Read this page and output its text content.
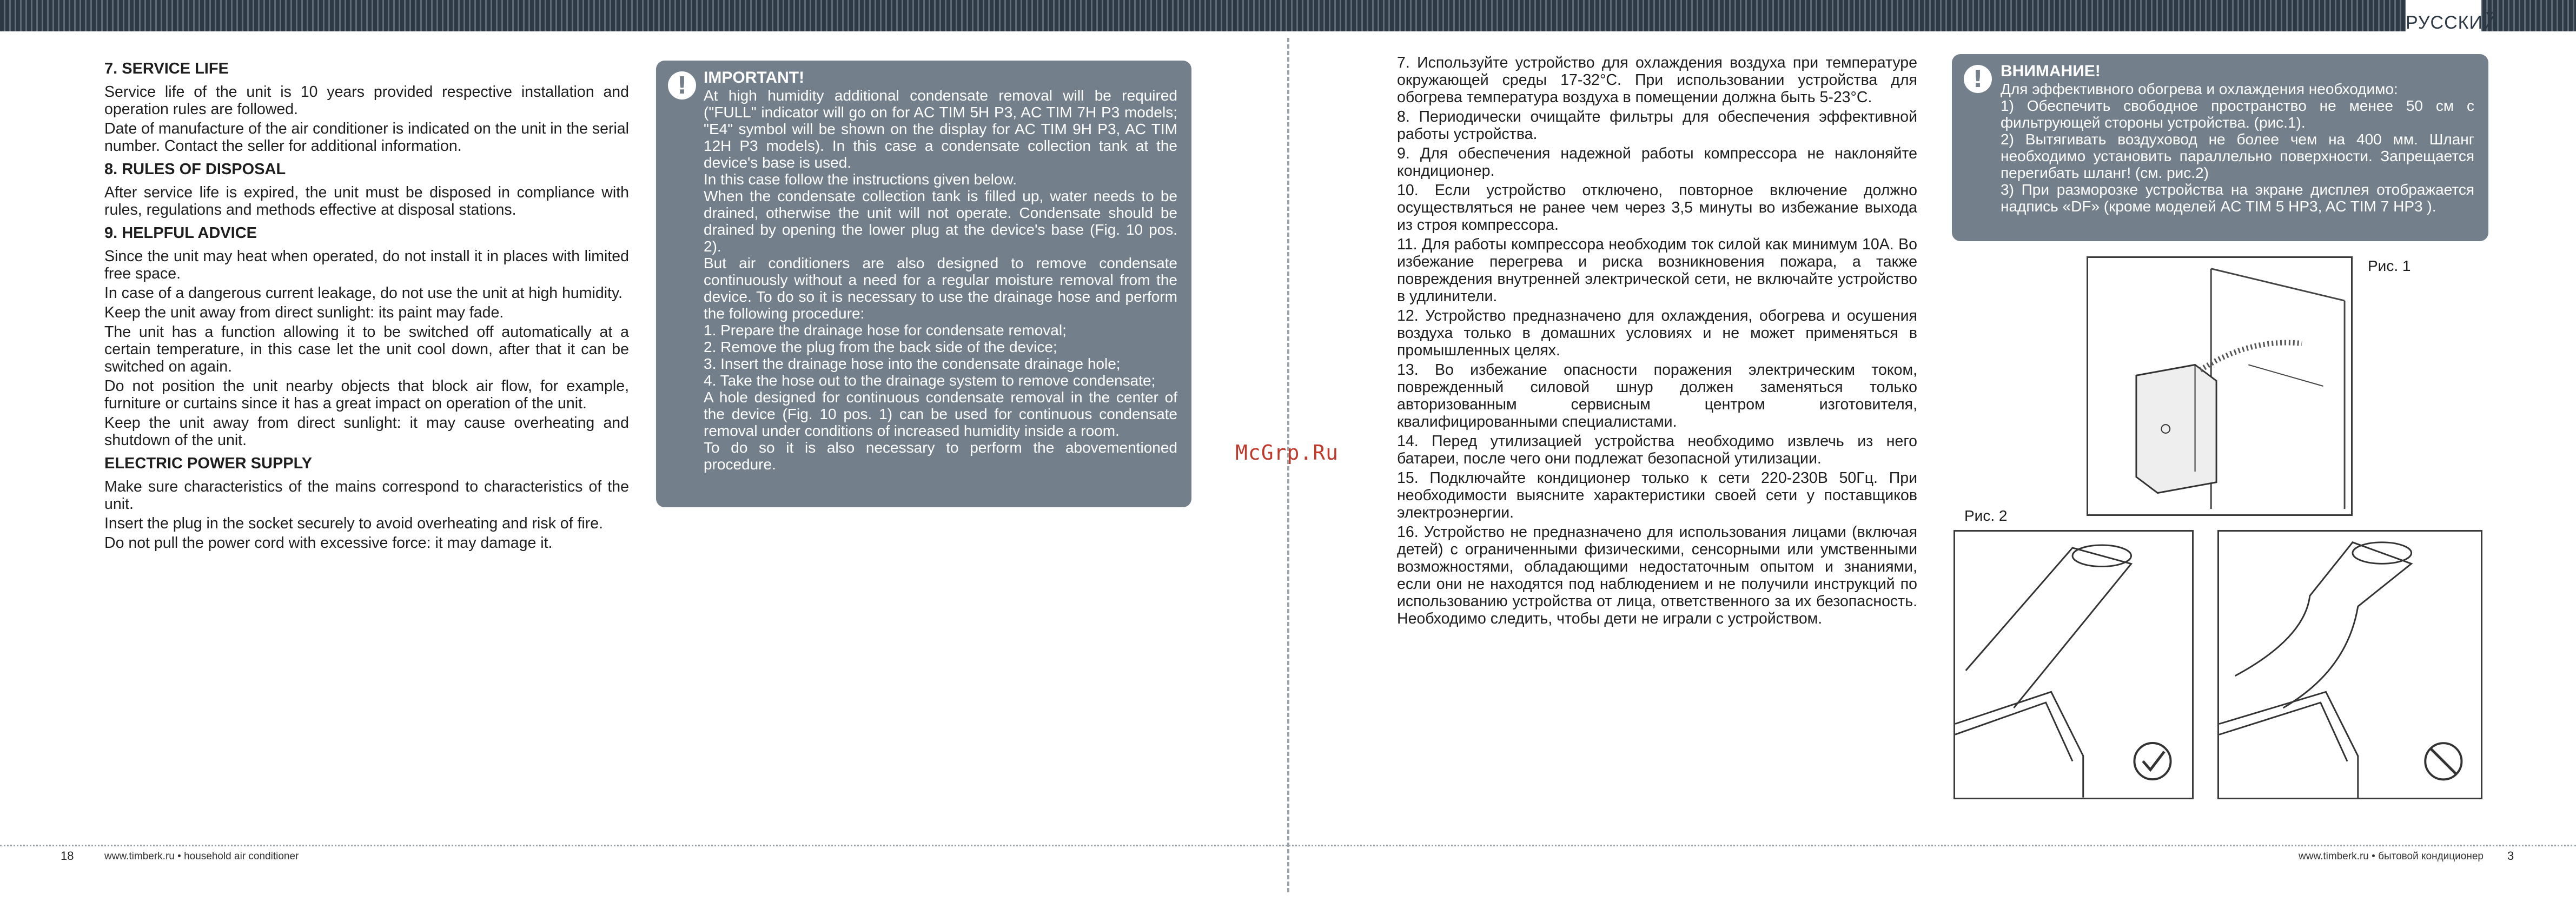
РУССКИЙ
7. SERVICE LIFE

Service life of the unit is 10 years provided respective installation and operation rules are followed.

Date of manufacture of the air conditioner is indicated on the unit in the serial number. Contact the seller for additional information.

8. RULES OF DISPOSAL

After service life is expired, the unit must be disposed in compliance with rules, regulations and methods effective at disposal stations.

9. HELPFUL ADVICE

Since the unit may heat when operated, do not install it in places with limited free space.

In case of a dangerous current leakage, do not use the unit at high humidity.

Keep the unit away from direct sunlight: its paint may fade.

The unit has a function allowing it to be switched off automatically at a certain temperature, in this case let the unit cool down, after that it can be switched on again.

Do not position the unit nearby objects that block air flow, for example, furniture or curtains since it has a great impact on operation of the unit.

Keep the unit away from direct sunlight: it may cause overheating and shutdown of the unit.

ELECTRIC POWER SUPPLY

Make sure characteristics of the mains correspond to characteristics of the unit.

Insert the plug in the socket securely to avoid overheating and risk of fire.

Do not pull the power cord with excessive force: it may damage it.

! IMPORTANT!

At high humidity additional condensate removal will be required ("FULL" indicator will go on for AC TIM 5H P3, AC TIM 7H P3 models; "E4" symbol will be shown on the display for AC TIM 9H P3, AC TIM 12H P3 models). In this case a condensate collection tank at the device's base is used.

In this case follow the instructions given below.

When the condensate collection tank is filled up, water needs to be drained, otherwise the unit will not operate. Condensate should be drained by opening the lower plug at the device's base (Fig. 10 pos. 2).

But air conditioners are also designed to remove condensate continuously without a need for a regular moisture removal from the device. To do so it is necessary to use the drainage hose and perform the following procedure:

1. Prepare the drainage hose for condensate removal;

2. Remove the plug from the back side of the device;

3. Insert the drainage hose into the condensate drainage hole;

4. Take the hose out to the drainage system to remove condensate;

A hole designed for continuous condensate removal in the center of the device (Fig. 10 pos. 1) can be used for continuous condensate removal under conditions of increased humidity inside a room.

To do so it is also necessary to perform the abovementioned procedure.	McGrp.Ru

7. Используйте устройство для охлаждения воздуха при температуре окружающей среды 17-32°С. При использовании устройства для обогрева температура воздуха в помещении должна быть 5-23°С.

8. Периодически очищайте фильтры для обеспечения эффективной работы устройства.

9. Для обеспечения надежной работы компрессора не наклоняйте кондиционер.

10. Если устройство отключено, повторное включение должно осуществляться не ранее чем через 3,5 минуты во избежание выхода из строя компрессора.

11. Для работы компрессора необходим ток силой как минимум 10А. Во избежание перегрева и риска возникновения пожара, а также повреждения внутренней электрической сети, не включайте устройство в удлинители.

12. Устройство предназначено для охлаждения, обогрева и осушения воздуха только в домашних условиях и не может применяться в промышленных целях.

13. Во избежание опасности поражения электрическим током, поврежденный силовой шнур должен заменяться только авторизованным сервисным центром изготовителя, квалифицированными специалистами.

14. Перед утилизацией устройства необходимо извлечь из него батареи, после чего они подлежат безопасной утилизации.

15. Подключайте кондиционер только к сети 220-230В 50Гц. При необходимости выясните характеристики своей сети у поставщиков электроэнергии.

16. Устройство не предназначено для использования лицами (включая детей) с ограниченными физическими, сенсорными или умственными возможностями, обладающими недостаточным опытом и знаниями, если они не находятся под наблюдением и не получили инструкций по использованию устройства от лица, ответственного за их безопасность. Необходимо следить, чтобы дети не играли с устройством.

!	ВНИМАНИЕ!

Для эффективного обогрева и охлаждения необходимо:

1) Обеспечить свободное пространство не менее 50 см с фильтрующей стороны устройства. (рис.1).

2) Вытягивать воздуховод не более чем на 400 мм. Шланг необходимо установить параллельно поверхности. Запрещается перегибать шланг! (см. рис.2)

3) При разморозке устройства на экране дисплея отображается надпись «DF» (кроме моделей AC TIM 5 HP3, AC TIM 7 HP3 ).

Рис. 1
Рис. 2
18	www.timberk.ru • household air conditioner	www.timberk.ru • бытовой кондиционер 3
